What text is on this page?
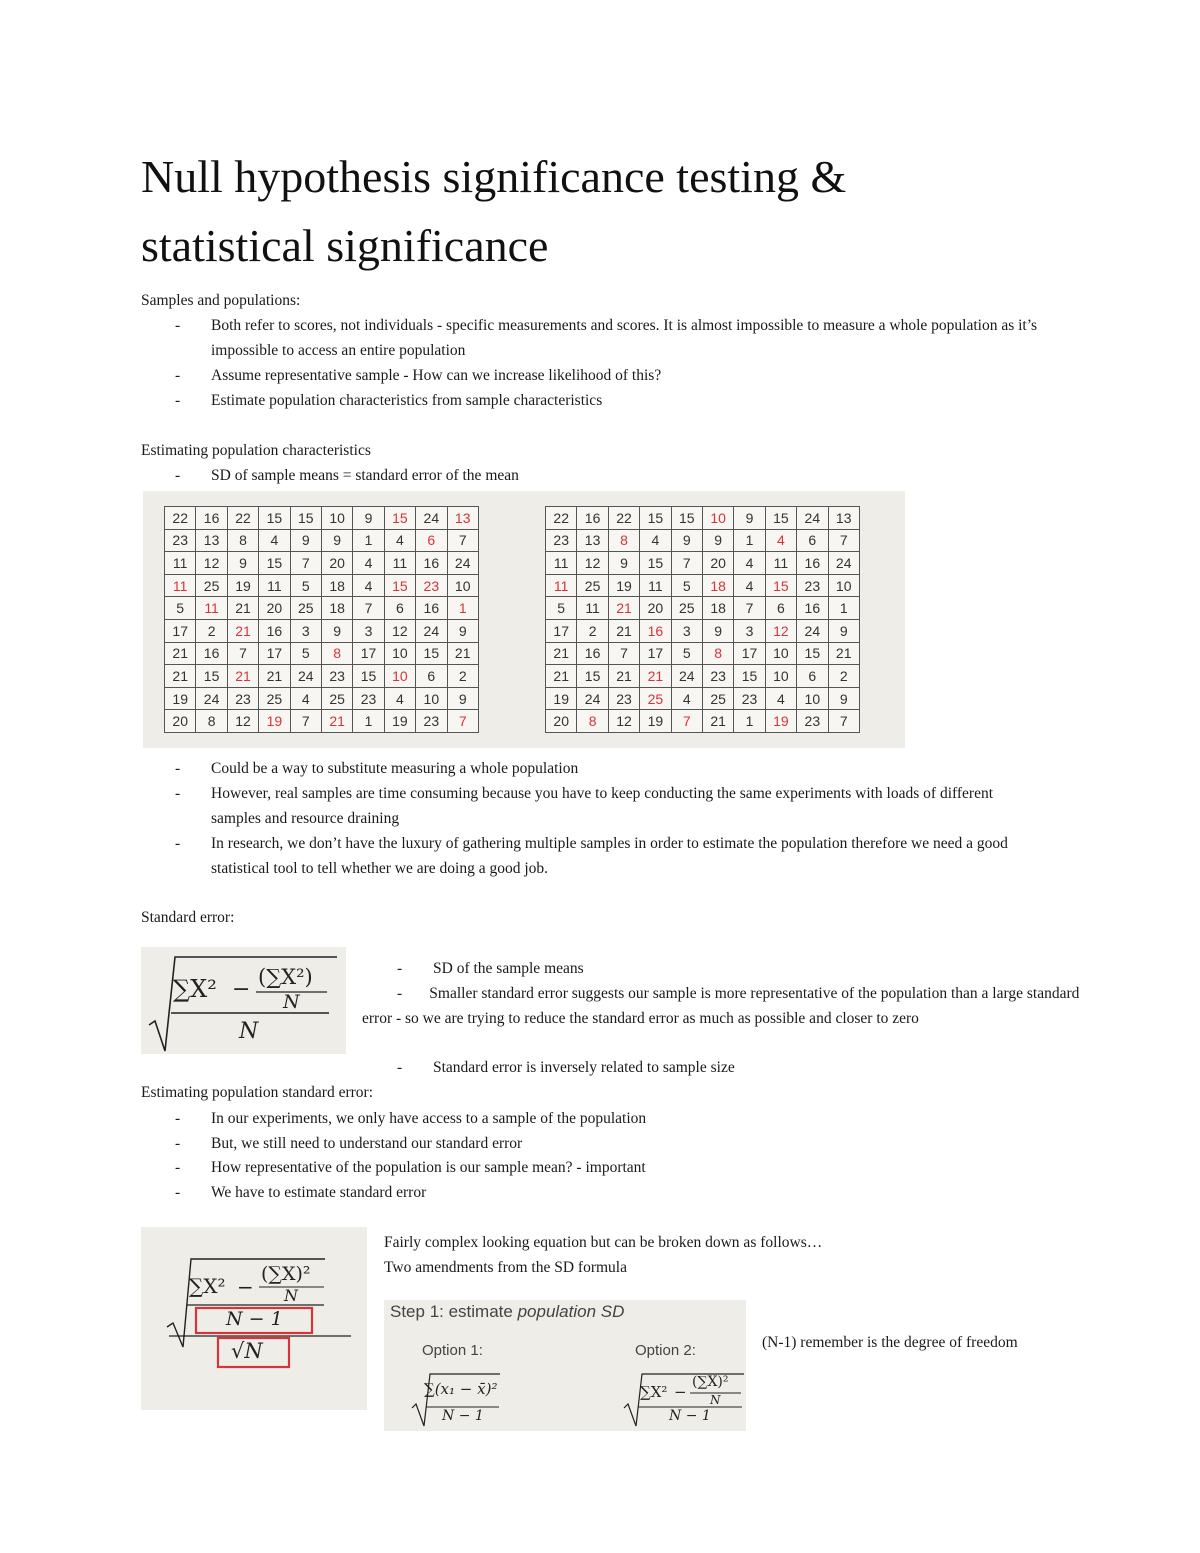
Null hypothesis significance testing &
statistical significance
Samples and populations:
- Both refer to scores, not individuals - specific measurements and scores. It is almost impossible to measure a whole population as it’s impossible to access an entire population
- Assume representative sample - How can we increase likelihood of this?
- Estimate population characteristics from sample characteristics
Estimating population characteristics
- SD of sample means = standard error of the mean
22	16	22	15	15	10	9	15	24	13
23	13	8	4	9	9	1	4	6	7
11	12	9	15	7	20	4	11	16	24
11	25	19	11	5	18	4	15	23	10
5	11	21	20	25	18	7	6	16	1
17	2	21	16	3	9	3	12	24	9
21	16	7	17	5	8	17	10	15	21
21	15	21	21	24	23	15	10	6	2
19	24	23	25	4	25	23	4	10	9
20	8	12	19	7	21	1	19	23	7
22	16	22	15	15	10	9	15	24	13
23	13	8	4	9	9	1	4	6	7
11	12	9	15	7	20	4	11	16	24
11	25	19	11	5	18	4	15	23	10
5	11	21	20	25	18	7	6	16	1
17	2	21	16	3	9	3	12	24	9
21	16	7	17	5	8	17	10	15	21
21	15	21	21	24	23	15	10	6	2
19	24	23	25	4	25	23	4	10	9
20	8	12	19	7	21	1	19	23	7
- Could be a way to substitute measuring a whole population
- However, real samples are time consuming because you have to keep conducting the same experiments with loads of different samples and resource draining
- In research, we don’t have the luxury of gathering multiple samples in order to estimate the population therefore we need a good statistical tool to tell whether we are doing a good job.
Standard error:
∑X² − (∑X²)
N
N
- SD of the sample means
- Smaller standard error suggests our sample is more representative of the population than a large standard error - so we are trying to reduce the standard error as much as possible and closer to zero
- Standard error is inversely related to sample size
Estimating population standard error:
- In our experiments, we only have access to a sample of the population
- But, we still need to understand our standard error
- How representative of the population is our sample mean? - important
- We have to estimate standard error
∑X² −
(∑X)²
N
N − 1
√N
Fairly complex looking equation but can be broken down as follows…
Two amendments from the SD formula
Step 1: estimate population SD
Option 1:	Option 2:
∑(x₁ − x̄)²
N − 1
∑X² −
(∑X)²
N
N − 1
(N-1) remember is the degree of freedom
